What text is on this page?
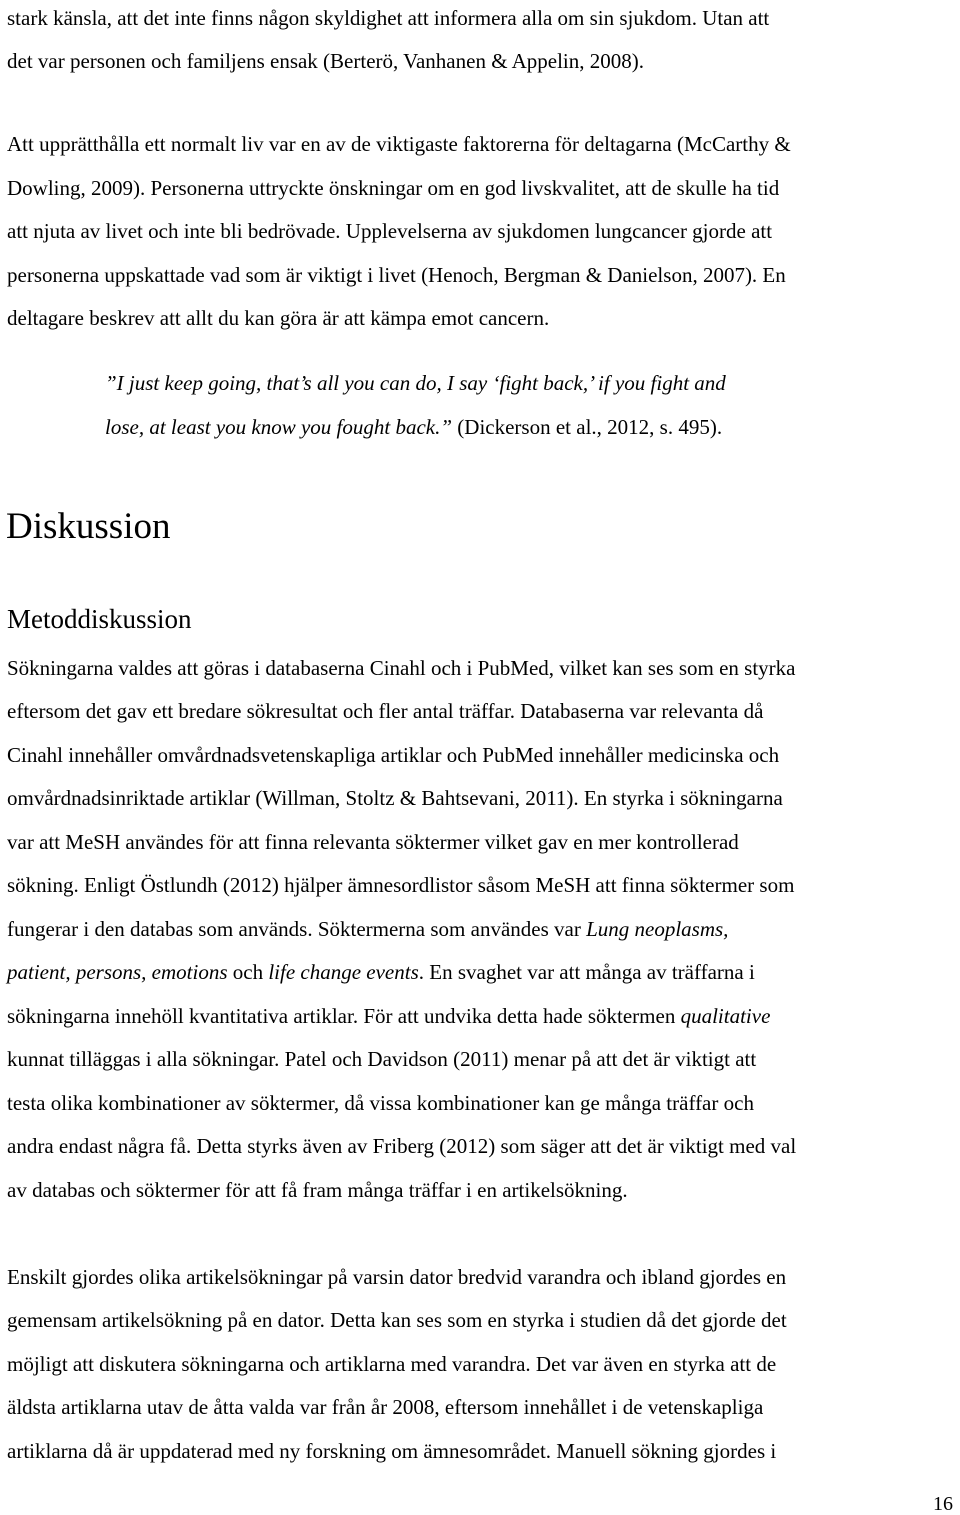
stark känsla, att det inte finns någon skyldighet att informera alla om sin sjukdom. Utan att
det var personen och familjens ensak (Berterö, Vanhanen & Appelin, 2008).
Att upprätthålla ett normalt liv var en av de viktigaste faktorerna för deltagarna (McCarthy &
Dowling, 2009). Personerna uttryckte önskningar om en god livskvalitet, att de skulle ha tid
att njuta av livet och inte bli bedrövade. Upplevelserna av sjukdomen lungcancer gjorde att
personerna uppskattade vad som är viktigt i livet (Henoch, Bergman & Danielson, 2007). En
deltagare beskrev att allt du kan göra är att kämpa emot cancern.
”I just keep going, that’s all you can do, I say ‘fight back,’ if you fight and
lose, at least you know you fought back.” (Dickerson et al., 2012, s. 495).
Diskussion
Metoddiskussion
Sökningarna valdes att göras i databaserna Cinahl och i PubMed, vilket kan ses som en styrka
eftersom det gav ett bredare sökresultat och fler antal träffar. Databaserna var relevanta då
Cinahl innehåller omvårdnadsvetenskapliga artiklar och PubMed innehåller medicinska och
omvårdnadsinriktade artiklar (Willman, Stoltz & Bahtsevani, 2011). En styrka i sökningarna
var att MeSH användes för att finna relevanta söktermer vilket gav en mer kontrollerad
sökning. Enligt Östlundh (2012) hjälper ämnesordlistor såsom MeSH att finna söktermer som
fungerar i den databas som används. Söktermerna som användes var Lung neoplasms,
patient, persons, emotions och life change events. En svaghet var att många av träffarna i
sökningarna innehöll kvantitativa artiklar. För att undvika detta hade söktermen qualitative
kunnat tilläggas i alla sökningar. Patel och Davidson (2011) menar på att det är viktigt att
testa olika kombinationer av söktermer, då vissa kombinationer kan ge många träffar och
andra endast några få. Detta styrks även av Friberg (2012) som säger att det är viktigt med val
av databas och söktermer för att få fram många träffar i en artikelsökning.
Enskilt gjordes olika artikelsökningar på varsin dator bredvid varandra och ibland gjordes en
gemensam artikelsökning på en dator. Detta kan ses som en styrka i studien då det gjorde det
möjligt att diskutera sökningarna och artiklarna med varandra. Det var även en styrka att de
äldsta artiklarna utav de åtta valda var från år 2008, eftersom innehållet i de vetenskapliga
artiklarna då är uppdaterad med ny forskning om ämnesområdet. Manuell sökning gjordes i
16
